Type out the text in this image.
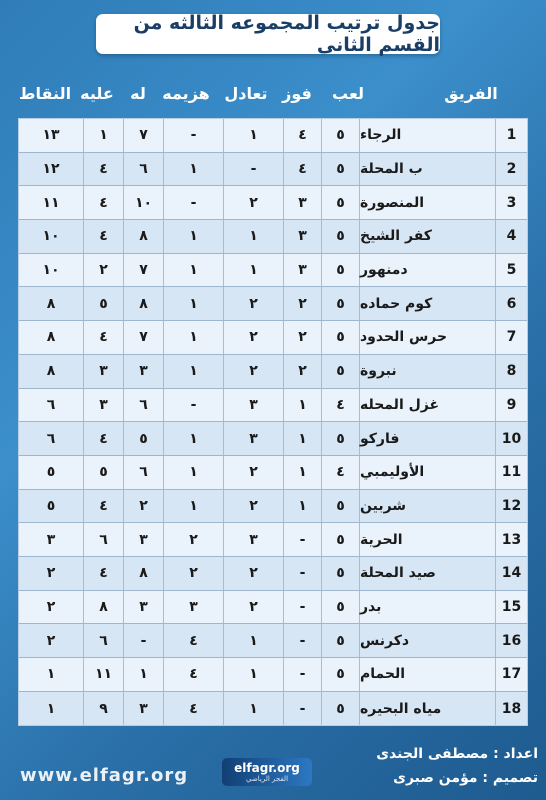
جدول ترتيب المجموعه الثالثه من القسم الثانى
الفريق
لعب
فوز
تعادل
هزيمه
له
عليه
النقاط
1
الرجاء
٥
٤
١
-
٧
١
١٣
2
ب المحلة
٥
٤
-
١
٦
٤
١٢
3
المنصورة
٥
٣
٢
-
١٠
٤
١١
4
كفر الشيخ
٥
٣
١
١
٨
٤
١٠
5
دمنهور
٥
٣
١
١
٧
٢
١٠
6
كوم حماده
٥
٢
٢
١
٨
٥
٨
7
حرس الحدود
٥
٢
٢
١
٧
٤
٨
8
نبروة
٥
٢
٢
١
٣
٣
٨
9
غزل المحله
٤
١
٣
-
٦
٣
٦
10
فاركو
٥
١
٣
١
٥
٤
٦
11
الأوليمبي
٤
١
٢
١
٦
٥
٥
12
شربين
٥
١
٢
١
٢
٤
٥
13
الحرية
٥
-
٣
٢
٣
٦
٣
14
صيد المحلة
٥
-
٢
٢
٨
٤
٢
15
بدر
٥
-
٢
٣
٣
٨
٢
16
دكرنس
٥
-
١
٤
-
٦
٢
17
الحمام
٥
-
١
٤
١
١١
١
18
مياه البحيره
٥
-
١
٤
٣
٩
١
www.elfagr.org	elfagr.org
الفجر الرياضي
اعداد : مصطفى الجندى
تصميم : مؤمن صبرى
